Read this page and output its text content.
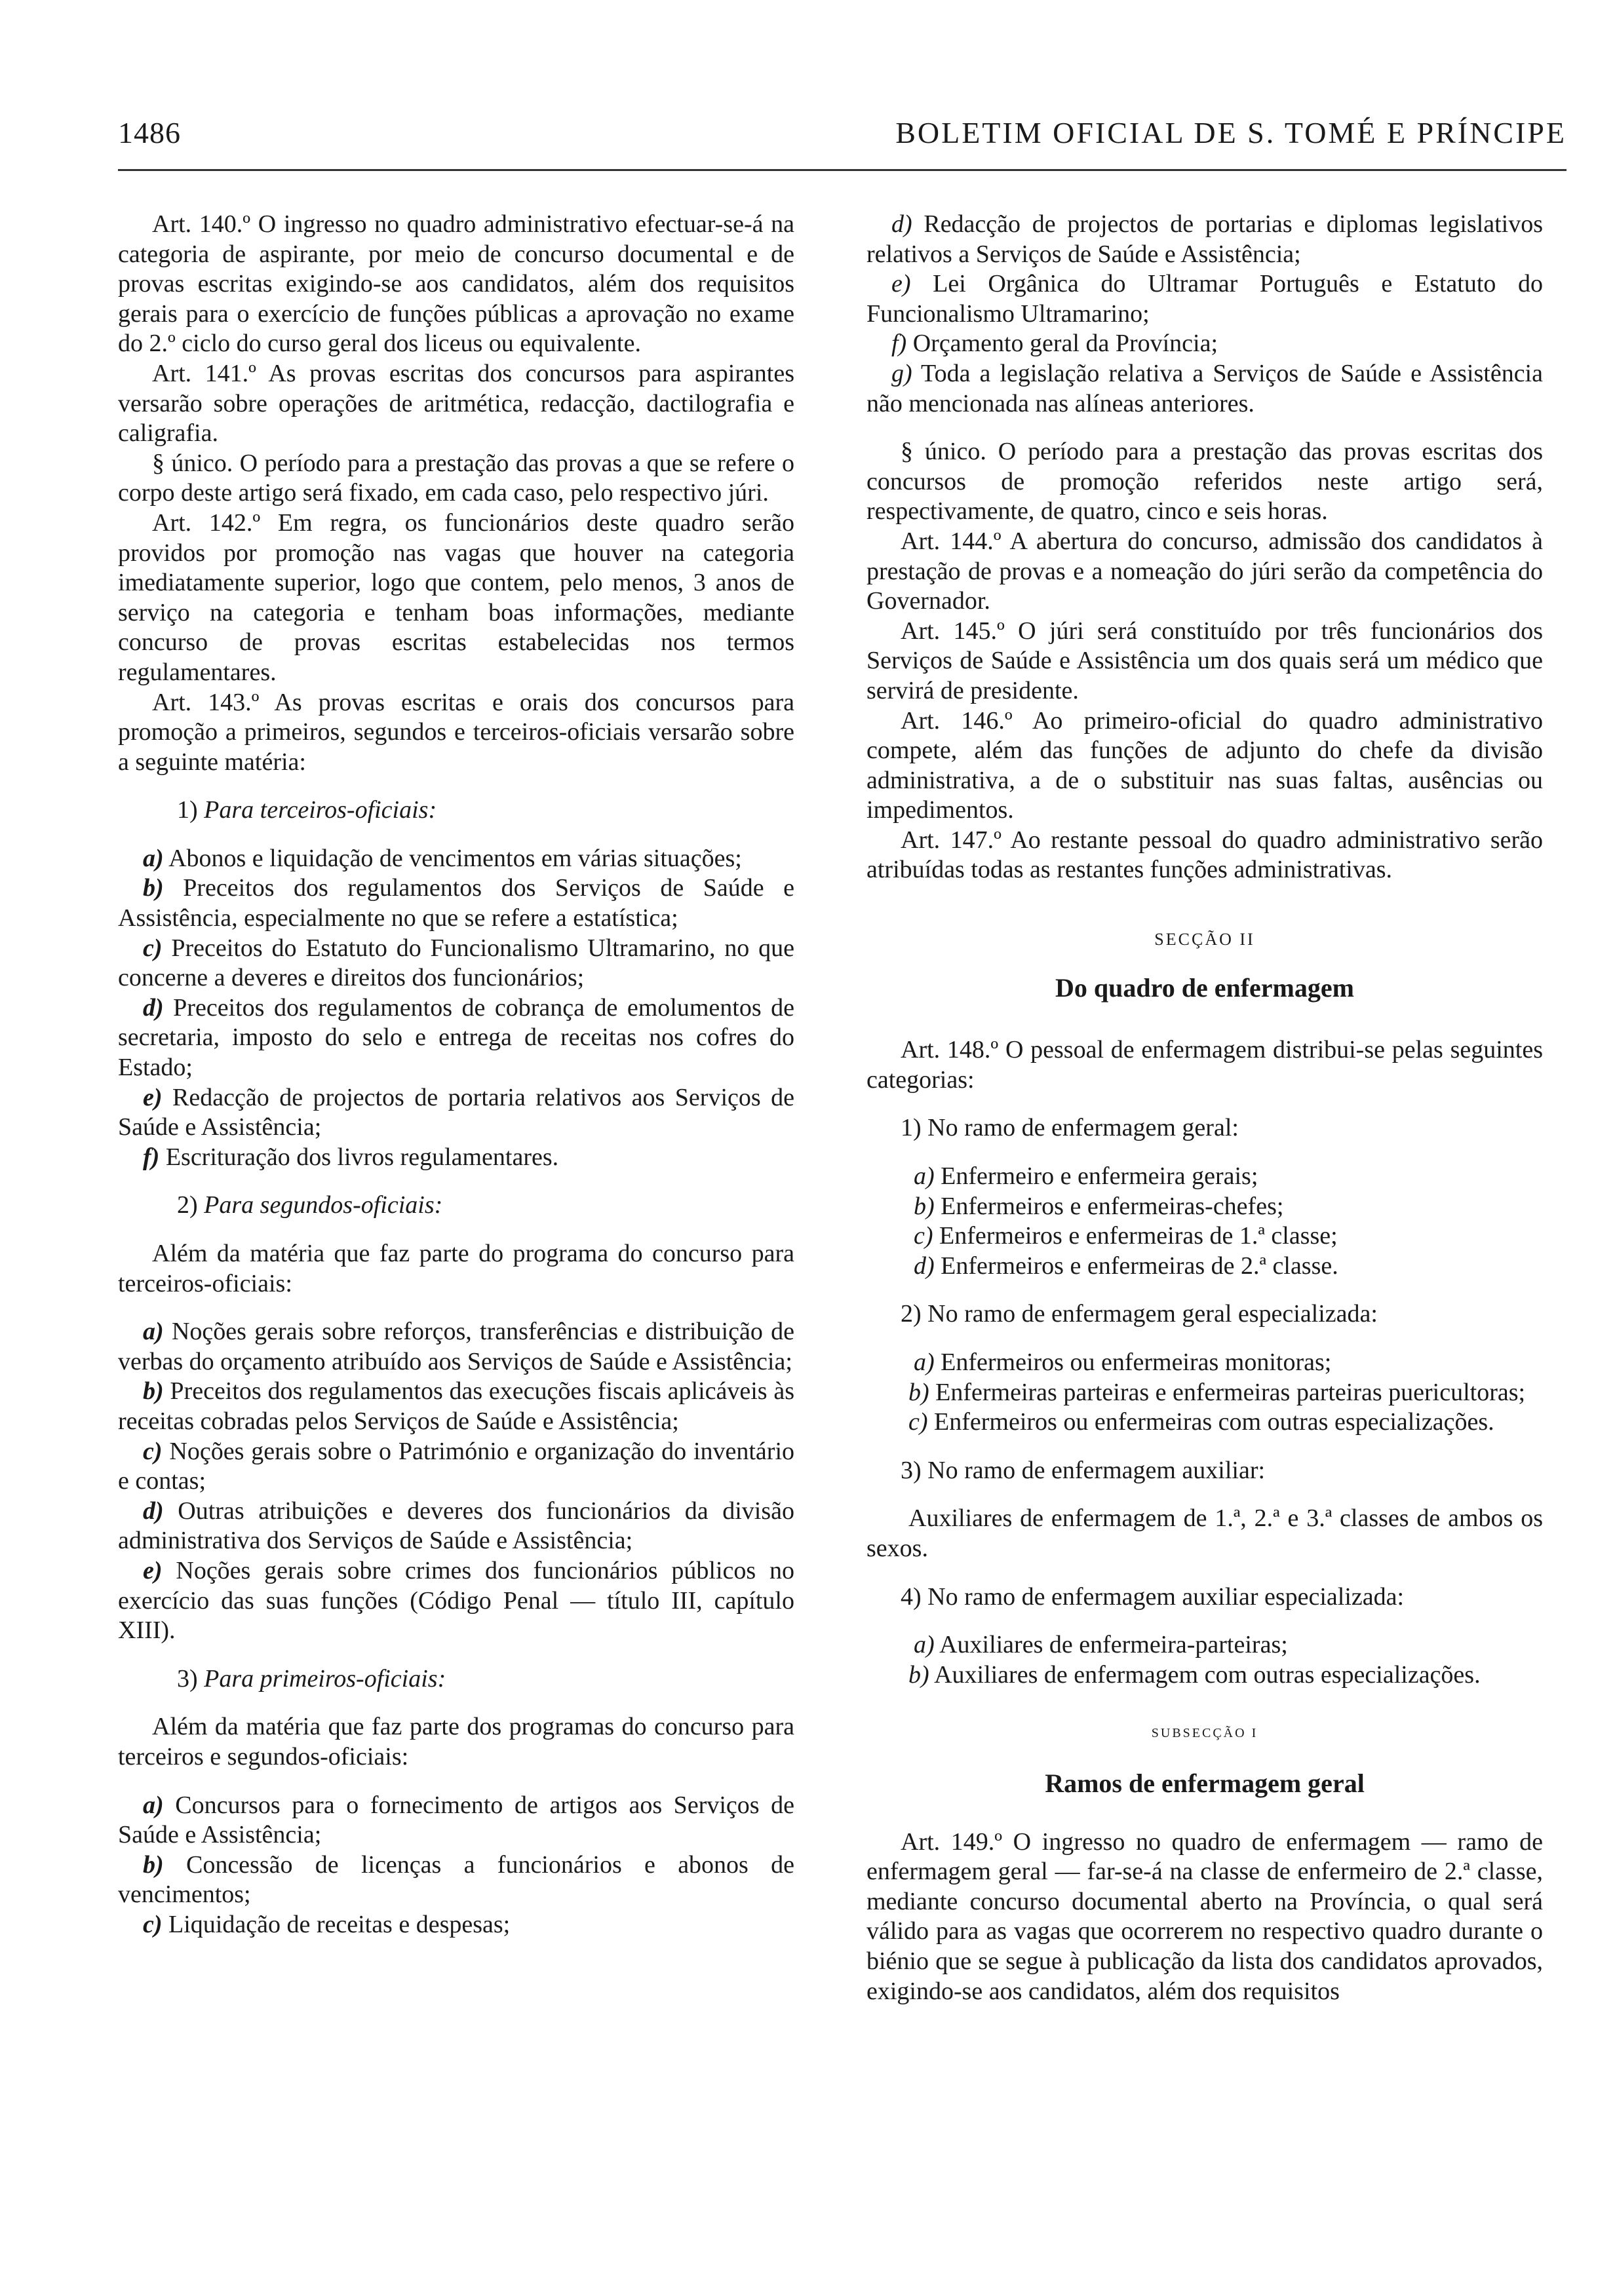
1486	BOLETIM OFICIAL DE S. TOMÉ E PRÍNCIPE

Art. 140.º O ingresso no quadro administrativo efectuar-se-á na categoria de aspirante, por meio de concurso documental e de provas escritas exigindo-se aos candidatos, além dos requisitos gerais para o exercício de funções públicas a aprovação no exame do 2.º ciclo do curso geral dos liceus ou equivalente.

Art. 141.º As provas escritas dos concursos para aspirantes versarão sobre operações de aritmética, redacção, dactilografia e caligrafia.

§ único. O período para a prestação das provas a que se refere o corpo deste artigo será fixado, em cada caso, pelo respectivo júri.

Art. 142.º Em regra, os funcionários deste quadro serão providos por promoção nas vagas que houver na categoria imediatamente superior, logo que contem, pelo menos, 3 anos de serviço na categoria e tenham boas informações, mediante concurso de provas escritas estabelecidas nos termos regulamentares.

Art. 143.º As provas escritas e orais dos concursos para promoção a primeiros, segundos e terceiros-oficiais versarão sobre a seguinte matéria:

1) Para terceiros-oficiais:

a) Abonos e liquidação de vencimentos em várias situações;

b) Preceitos dos regulamentos dos Serviços de Saúde e Assistência, especialmente no que se refere a estatística;

c) Preceitos do Estatuto do Funcionalismo Ultramarino, no que concerne a deveres e direitos dos funcionários;

d) Preceitos dos regulamentos de cobrança de emolumentos de secretaria, imposto do selo e entrega de receitas nos cofres do Estado;

e) Redacção de projectos de portaria relativos aos Serviços de Saúde e Assistência;

f) Escrituração dos livros regulamentares.

2) Para segundos-oficiais:

Além da matéria que faz parte do programa do concurso para terceiros-oficiais:

a) Noções gerais sobre reforços, transferências e distribuição de verbas do orçamento atribuído aos Serviços de Saúde e Assistência;

b) Preceitos dos regulamentos das execuções fiscais aplicáveis às receitas cobradas pelos Serviços de Saúde e Assistência;

c) Noções gerais sobre o Património e organização do inventário e contas;

d) Outras atribuições e deveres dos funcionários da divisão administrativa dos Serviços de Saúde e Assistência;

e) Noções gerais sobre crimes dos funcionários públicos no exercício das suas funções (Código Penal — título III, capítulo XIII).

3) Para primeiros-oficiais:

Além da matéria que faz parte dos programas do concurso para terceiros e segundos-oficiais:

a) Concursos para o fornecimento de artigos aos Serviços de Saúde e Assistência;

b) Concessão de licenças a funcionários e abonos de vencimentos;

c) Liquidação de receitas e despesas;

d) Redacção de projectos de portarias e diplomas legislativos relativos a Serviços de Saúde e Assistência;

e) Lei Orgânica do Ultramar Português e Estatuto do Funcionalismo Ultramarino;

f) Orçamento geral da Província;

g) Toda a legislação relativa a Serviços de Saúde e Assistência não mencionada nas alíneas anteriores.

§ único. O período para a prestação das provas escritas dos concursos de promoção referidos neste artigo será, respectivamente, de quatro, cinco e seis horas.

Art. 144.º A abertura do concurso, admissão dos candidatos à prestação de provas e a nomeação do júri serão da competência do Governador.

Art. 145.º O júri será constituído por três funcionários dos Serviços de Saúde e Assistência um dos quais será um médico que servirá de presidente.

Art. 146.º Ao primeiro-oficial do quadro administrativo compete, além das funções de adjunto do chefe da divisão administrativa, a de o substituir nas suas faltas, ausências ou impedimentos.

Art. 147.º Ao restante pessoal do quadro administrativo serão atribuídas todas as restantes funções administrativas.

SECÇÃO II

Do quadro de enfermagem

Art. 148.º O pessoal de enfermagem distribui-se pelas seguintes categorias:

1) No ramo de enfermagem geral:

a) Enfermeiro e enfermeira gerais;

b) Enfermeiros e enfermeiras-chefes;

c) Enfermeiros e enfermeiras de 1.ª classe;

d) Enfermeiros e enfermeiras de 2.ª classe.

2) No ramo de enfermagem geral especializada:

a) Enfermeiros ou enfermeiras monitoras;

b) Enfermeiras parteiras e enfermeiras parteiras puericultoras;

c) Enfermeiros ou enfermeiras com outras especializações.

3) No ramo de enfermagem auxiliar:

Auxiliares de enfermagem de 1.ª, 2.ª e 3.ª classes de ambos os sexos.

4) No ramo de enfermagem auxiliar especializada:

a) Auxiliares de enfermeira-parteiras;

b) Auxiliares de enfermagem com outras especializações.

SUBSECÇÃO I

Ramos de enfermagem geral

Art. 149.º O ingresso no quadro de enfermagem — ramo de enfermagem geral — far-se-á na classe de enfermeiro de 2.ª classe, mediante concurso documental aberto na Província, o qual será válido para as vagas que ocorrerem no respectivo quadro durante o biénio que se segue à publicação da lista dos candidatos aprovados, exigindo-se aos candidatos, além dos requisitos
